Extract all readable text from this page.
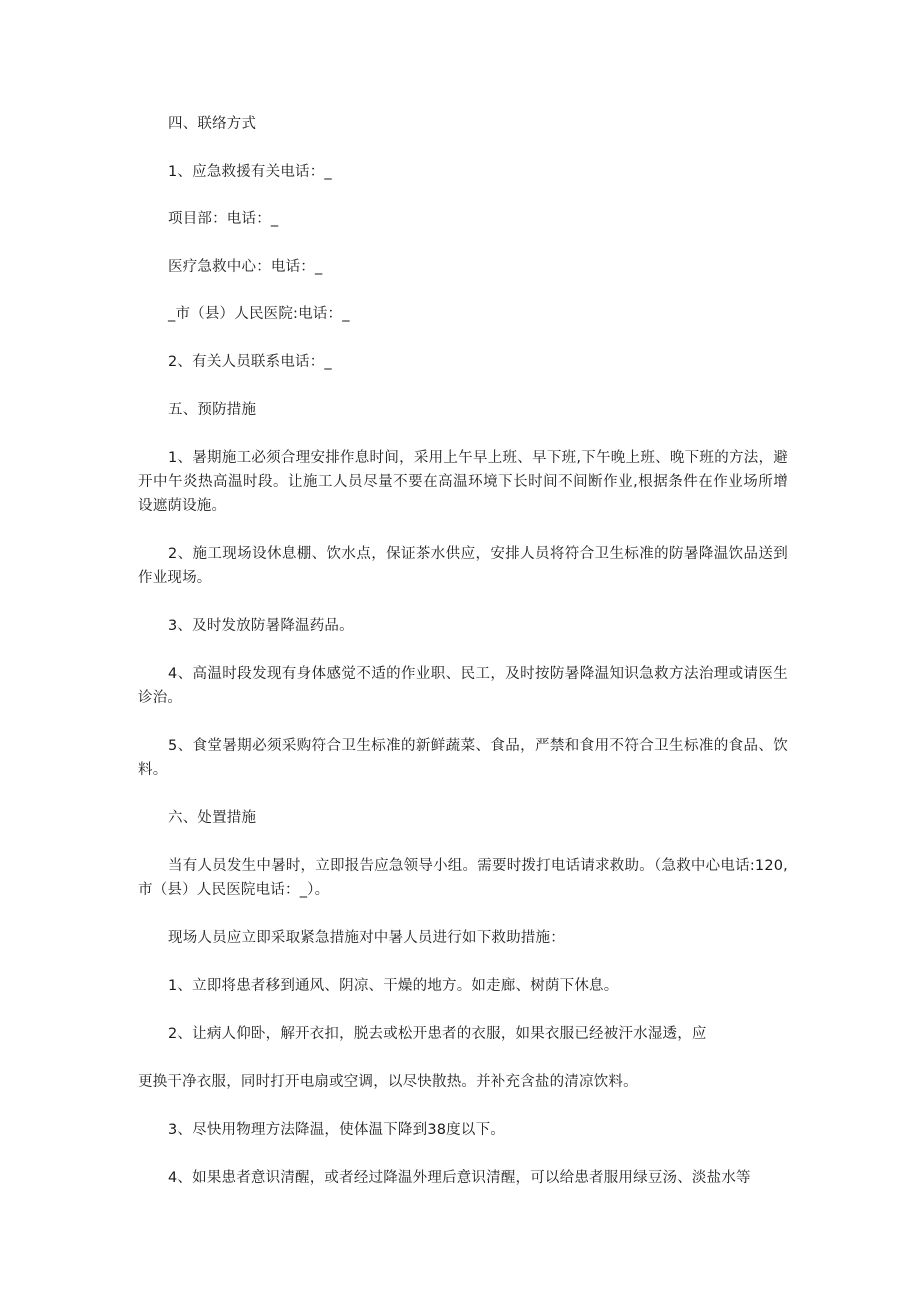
四、联络方式
1、应急救援有关电话：_
项目部：电话：_
医疗急救中心：电话：_
_市（县）人民医院:电话：_
2、有关人员联系电话：_
五、预防措施
1、暑期施工必须合理安排作息时间，采用上午早上班、早下班,下午晚上班、晚下班的方法，避开中午炎热高温时段。让施工人员尽量不要在高温环境下长时间不间断作业,根据条件在作业场所增设遮荫设施。
2、施工现场设休息棚、饮水点，保证茶水供应，安排人员将符合卫生标准的防暑降温饮品送到作业现场。
3、及时发放防暑降温药品。
4、高温时段发现有身体感觉不适的作业职、民工，及时按防暑降温知识急救方法治理或请医生诊治。
5、食堂暑期必须采购符合卫生标准的新鲜蔬菜、食品，严禁和食用不符合卫生标准的食品、饮料。
六、处置措施
当有人员发生中暑时，立即报告应急领导小组。需要时拨打电话请求救助。（急救中心电话:120,市（县）人民医院电话：_）。
现场人员应立即采取紧急措施对中暑人员进行如下救助措施：
1、立即将患者移到通风、阴凉、干燥的地方。如走廊、树荫下休息。
2、让病人仰卧，解开衣扣，脱去或松开患者的衣服，如果衣服已经被汗水湿透，应
更换干净衣服，同时打开电扇或空调，以尽快散热。并补充含盐的清凉饮料。
3、尽快用物理方法降温，使体温下降到38度以下。
4、如果患者意识清醒，或者经过降温外理后意识清醒，可以给患者服用绿豆汤、淡盐水等
